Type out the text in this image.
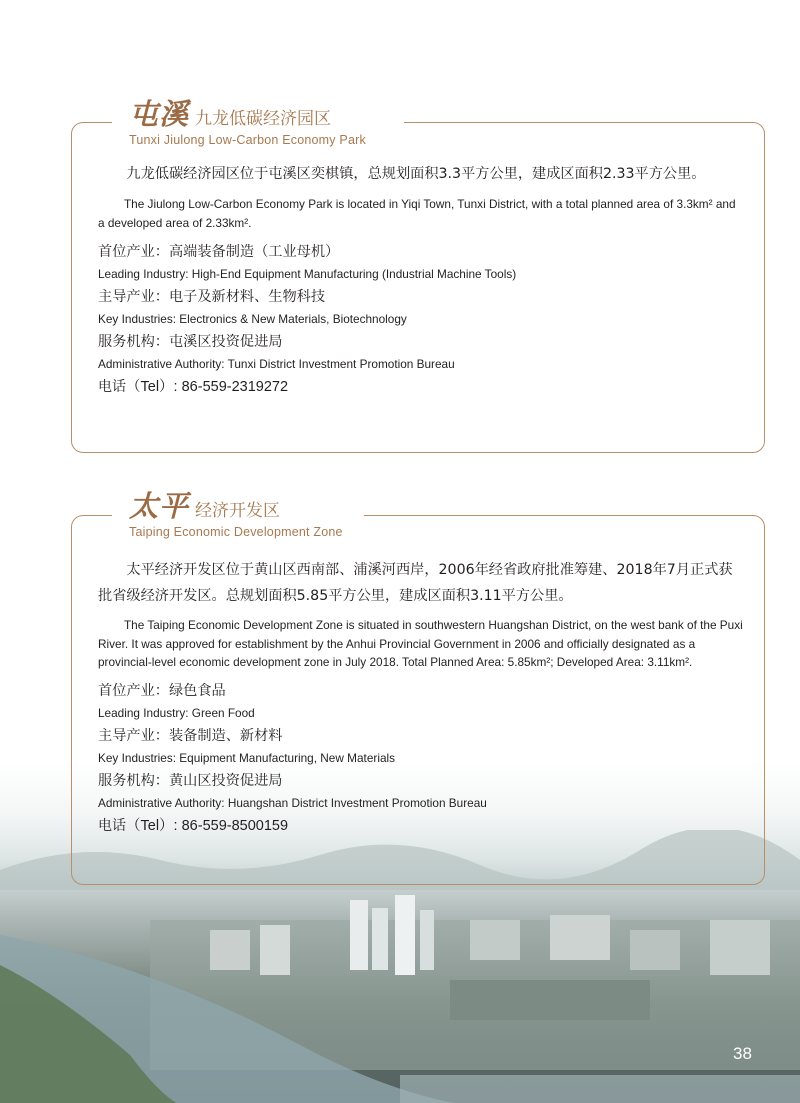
屯溪 九龙低碳经济园区
Tunxi Jiulong Low-Carbon Economy Park

九龙低碳经济园区位于屯溪区奕棋镇，总规划面积3.3平方公里，建成区面积2.33平方公里。

The Jiulong Low-Carbon Economy Park is located in Yiqi Town, Tunxi District, with a total planned area of 3.3km² and a developed area of 2.33km².

首位产业：高端装备制造（工业母机）

Leading Industry: High-End Equipment Manufacturing (Industrial Machine Tools)

主导产业：电子及新材料、生物科技

Key Industries: Electronics & New Materials, Biotechnology

服务机构：屯溪区投资促进局

Administrative Authority: Tunxi District Investment Promotion Bureau

电话（Tel）: 86-559-2319272

太平 经济开发区
Taiping Economic Development Zone

太平经济开发区位于黄山区西南部、浦溪河西岸，2006年经省政府批准筹建、2018年7月正式获批省级经济开发区。总规划面积5.85平方公里，建成区面积3.11平方公里。

The Taiping Economic Development Zone is situated in southwestern Huangshan District, on the west bank of the Puxi River. It was approved for establishment by the Anhui Provincial Government in 2006 and officially designated as a provincial-level economic development zone in July 2018. Total Planned Area: 5.85km²; Developed Area: 3.11km².

首位产业：绿色食品

Leading Industry: Green Food

主导产业：装备制造、新材料

Key Industries: Equipment Manufacturing, New Materials

服务机构：黄山区投资促进局

Administrative Authority: Huangshan District Investment Promotion Bureau

电话（Tel）: 86-559-8500159

38
